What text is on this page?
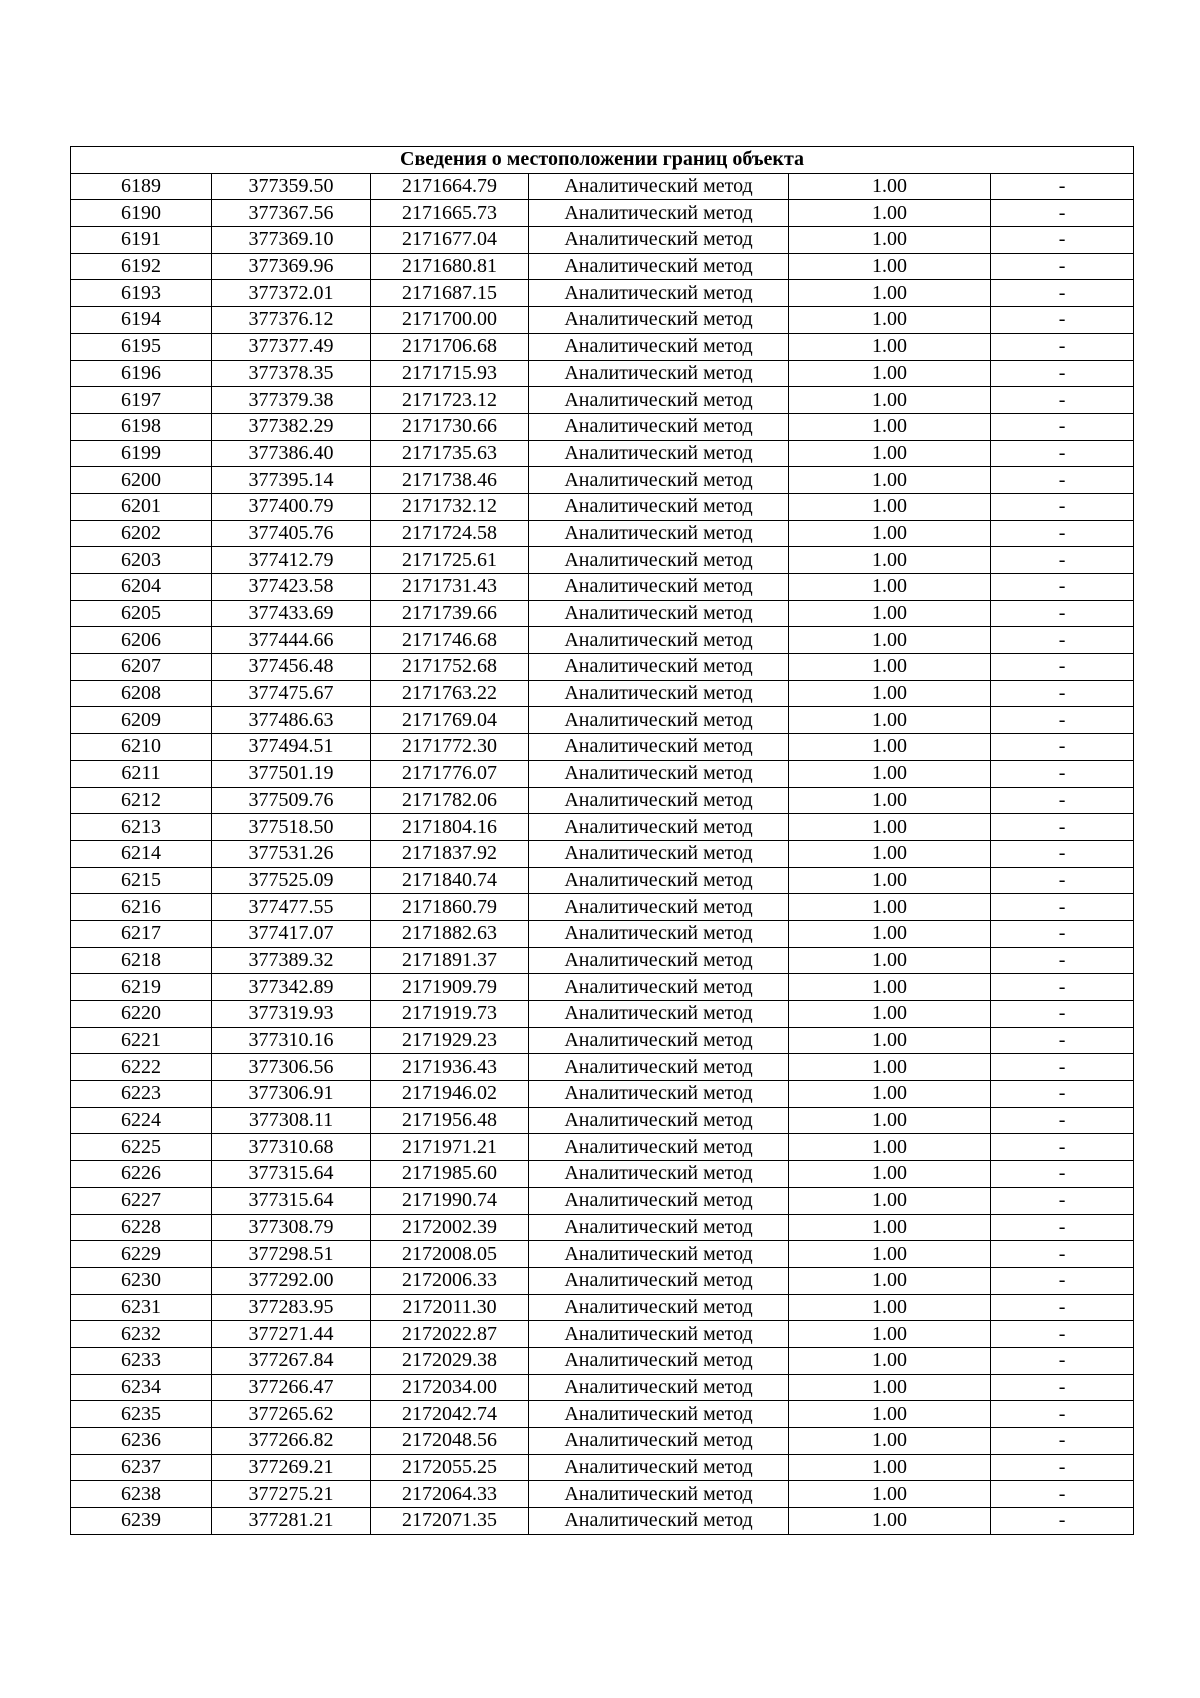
Сведения о местоположении границ объекта					
6189	377359.50	2171664.79	Аналитический метод	1.00	-
6190	377367.56	2171665.73	Аналитический метод	1.00	-
6191	377369.10	2171677.04	Аналитический метод	1.00	-
6192	377369.96	2171680.81	Аналитический метод	1.00	-
6193	377372.01	2171687.15	Аналитический метод	1.00	-
6194	377376.12	2171700.00	Аналитический метод	1.00	-
6195	377377.49	2171706.68	Аналитический метод	1.00	-
6196	377378.35	2171715.93	Аналитический метод	1.00	-
6197	377379.38	2171723.12	Аналитический метод	1.00	-
6198	377382.29	2171730.66	Аналитический метод	1.00	-
6199	377386.40	2171735.63	Аналитический метод	1.00	-
6200	377395.14	2171738.46	Аналитический метод	1.00	-
6201	377400.79	2171732.12	Аналитический метод	1.00	-
6202	377405.76	2171724.58	Аналитический метод	1.00	-
6203	377412.79	2171725.61	Аналитический метод	1.00	-
6204	377423.58	2171731.43	Аналитический метод	1.00	-
6205	377433.69	2171739.66	Аналитический метод	1.00	-
6206	377444.66	2171746.68	Аналитический метод	1.00	-
6207	377456.48	2171752.68	Аналитический метод	1.00	-
6208	377475.67	2171763.22	Аналитический метод	1.00	-
6209	377486.63	2171769.04	Аналитический метод	1.00	-
6210	377494.51	2171772.30	Аналитический метод	1.00	-
6211	377501.19	2171776.07	Аналитический метод	1.00	-
6212	377509.76	2171782.06	Аналитический метод	1.00	-
6213	377518.50	2171804.16	Аналитический метод	1.00	-
6214	377531.26	2171837.92	Аналитический метод	1.00	-
6215	377525.09	2171840.74	Аналитический метод	1.00	-
6216	377477.55	2171860.79	Аналитический метод	1.00	-
6217	377417.07	2171882.63	Аналитический метод	1.00	-
6218	377389.32	2171891.37	Аналитический метод	1.00	-
6219	377342.89	2171909.79	Аналитический метод	1.00	-
6220	377319.93	2171919.73	Аналитический метод	1.00	-
6221	377310.16	2171929.23	Аналитический метод	1.00	-
6222	377306.56	2171936.43	Аналитический метод	1.00	-
6223	377306.91	2171946.02	Аналитический метод	1.00	-
6224	377308.11	2171956.48	Аналитический метод	1.00	-
6225	377310.68	2171971.21	Аналитический метод	1.00	-
6226	377315.64	2171985.60	Аналитический метод	1.00	-
6227	377315.64	2171990.74	Аналитический метод	1.00	-
6228	377308.79	2172002.39	Аналитический метод	1.00	-
6229	377298.51	2172008.05	Аналитический метод	1.00	-
6230	377292.00	2172006.33	Аналитический метод	1.00	-
6231	377283.95	2172011.30	Аналитический метод	1.00	-
6232	377271.44	2172022.87	Аналитический метод	1.00	-
6233	377267.84	2172029.38	Аналитический метод	1.00	-
6234	377266.47	2172034.00	Аналитический метод	1.00	-
6235	377265.62	2172042.74	Аналитический метод	1.00	-
6236	377266.82	2172048.56	Аналитический метод	1.00	-
6237	377269.21	2172055.25	Аналитический метод	1.00	-
6238	377275.21	2172064.33	Аналитический метод	1.00	-
6239	377281.21	2172071.35	Аналитический метод	1.00	-
